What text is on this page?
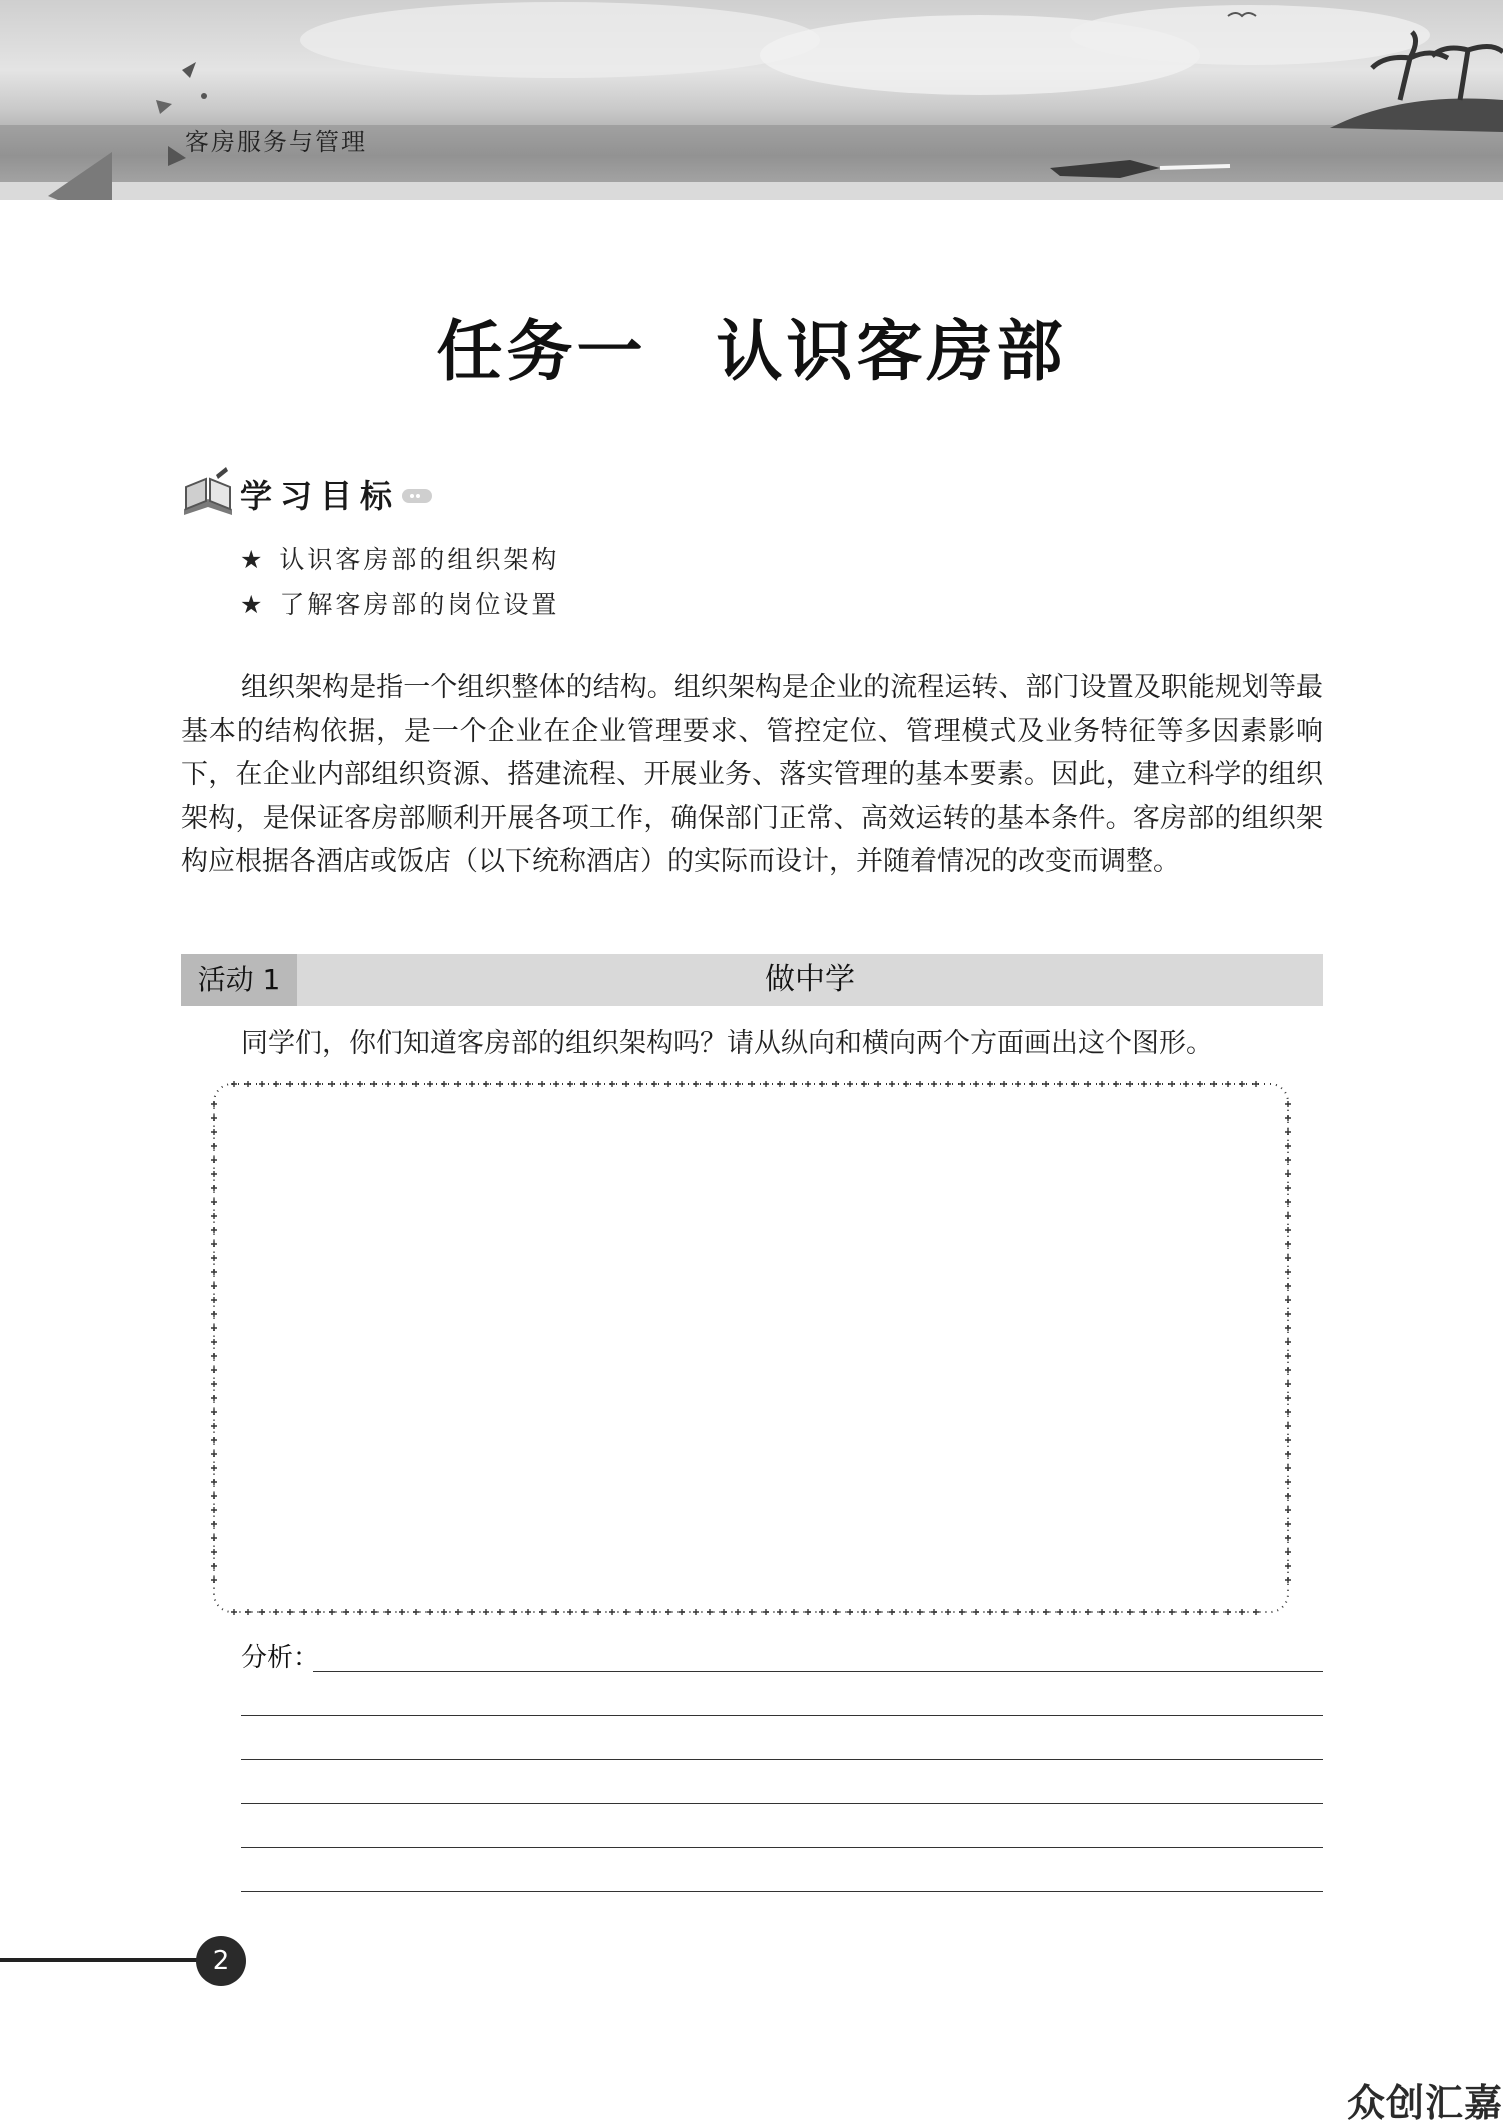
客房服务与管理
任务一　认识客房部
学习目标
★ 认识客房部的组织架构
★ 了解客房部的岗位设置

组织架构是指一个组织整体的结构。组织架构是企业的流程运转、部门设置及职能规划等最基本的结构依据，是一个企业在企业管理要求、管控定位、管理模式及业务特征等多因素影响下，在企业内部组织资源、搭建流程、开展业务、落实管理的基本要素。因此，建立科学的组织架构，是保证客房部顺利开展各项工作，确保部门正常、高效运转的基本条件。客房部的组织架构应根据各酒店或饭店（以下统称酒店）的实际而设计，并随着情况的改变而调整。

活动 1	做中学

同学们，你们知道客房部的组织架构吗？请从纵向和横向两个方面画出这个图形。

分析：
2
众创汇嘉
